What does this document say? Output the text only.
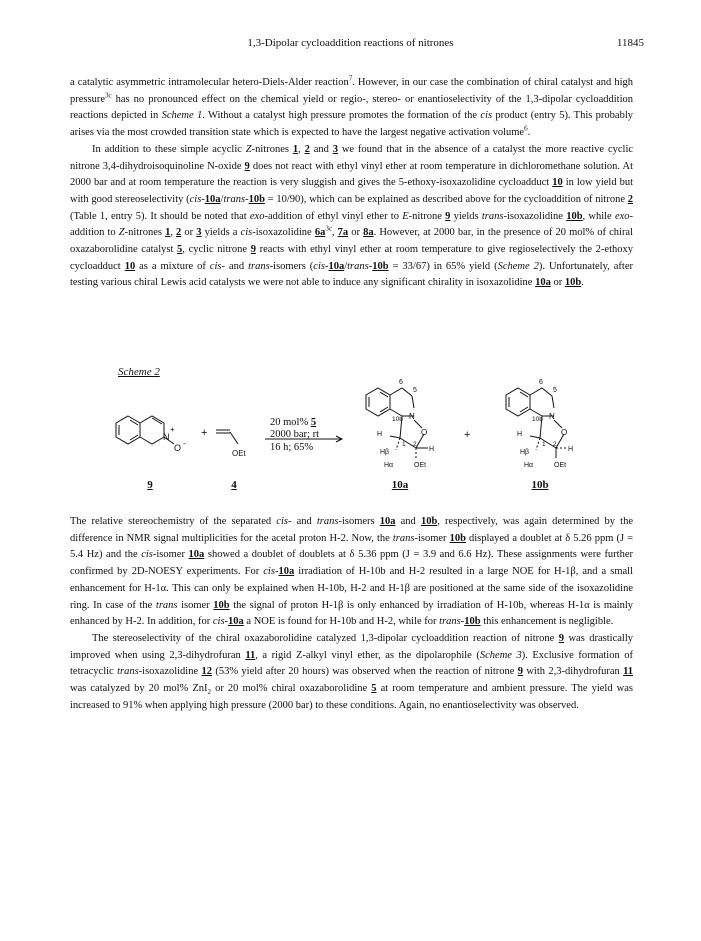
1,3-Dipolar cycloaddition reactions of nitrones	11845

a catalytic asymmetric intramolecular hetero-Diels-Alder reaction$^7$. However, in our case the combination of chiral catalyst and high pressure$^{3c}$ has no pronounced effect on the chemical yield or regio-, stereo- or enantioselectivity of the 1,3-dipolar cycloaddition reactions depicted in Scheme 1. Without a catalyst high pressure promotes the formation of the cis product (entry 5). This probably arises via the most crowded transition state which is expected to have the largest negative activation volume$^6$.

In addition to these simple acyclic Z-nitrones 1, 2 and 3 we found that in the absence of a catalyst the more reactive cyclic nitrone 3,4-dihydroisoquinoline N-oxide 9 does not react with ethyl vinyl ether at room temperature in dichloromethane solution. At 2000 bar and at room temperature the reaction is very sluggish and gives the 5-ethoxy-isoxazolidine cycloadduct 10 in low yield but with good stereoselectivity (cis-10a/trans-10b = 10/90), which can be explained as described above for the cycloaddition of nitrone 2 (Table 1, entry 5). It should be noted that exo-addition of ethyl vinyl ether to E-nitrone 9 yields trans-isoxazolidine 10b, while exo-addition to Z-nitrones 1, 2 or 3 yields a cis-isoxazolidine $6a^{3c}$, 7a or 8a. However, at 2000 bar, in the presence of 20 mol% of chiral oxazaborolidine catalyst 5, cyclic nitrone 9 reacts with ethyl vinyl ether at room temperature to give regioselectively the 2-ethoxy cycloadduct 10 as a mixture of cis- and trans-isomers (cis-10a/trans-10b = 33/67) in 65% yield (Scheme 2). Unfortunately, after testing various chiral Lewis acid catalysts we were not able to induce any significant chirality in isoxazolidine 10a or 10b.

Scheme 2
N
+
O -
+
OEt
6
5
10b N
O
H
1 2
H
Hβ
Hα	OEt
+
6
5
10b N
O
H
1 2
H
Hβ
Hα	OEt
20 mol% 5
2000 bar; rt
16 h; 65%
9	4	10a	10b

The relative stereochemistry of the separated cis- and trans-isomers 10a and 10b, respectively, was again determined by the difference in NMR signal multiplicities for the acetal proton H-2. Now, the trans-isomer 10b displayed a doublet at δ 5.26 ppm (J = 5.4 Hz) and the cis-isomer 10a showed a doublet of doublets at δ 5.36 ppm (J = 3.9 and 6.6 Hz). These assignments were further confirmed by 2D-NOESY experiments. For cis-10a irradiation of H-10b and H-2 resulted in a large NOE for H-1β, and a small enhancement for H-1α. This can only be explained when H-10b, H-2 and H-1β are positioned at the same side of the isoxazolidine ring. In case of the trans isomer 10b the signal of proton H-1β is only enhanced by irradiation of H-10b, whereas H-1α is mainly enhanced by H-2. In addition, for cis-10a a NOE is found for H-10b and H-2, while for trans-10b this enhancement is negligible.

The stereoselectivity of the chiral oxazaborolidine catalyzed 1,3-dipolar cycloaddition reaction of nitrone 9 was drastically improved when using 2,3-dihydrofuran 11, a rigid Z-alkyl vinyl ether, as the dipolarophile (Scheme 3). Exclusive formation of tetracyclic trans-isoxazolidine 12 (53% yield after 20 hours) was observed when the reaction of nitrone 9 with 2,3-dihydrofuran 11 was catalyzed by 20 mol% ZnI$_2$ or 20 mol% chiral oxazaborolidine 5 at room temperature and ambient pressure. The yield was increased to 91% when applying high pressure (2000 bar) to these conditions. Again, no enantioselectivity was observed.
